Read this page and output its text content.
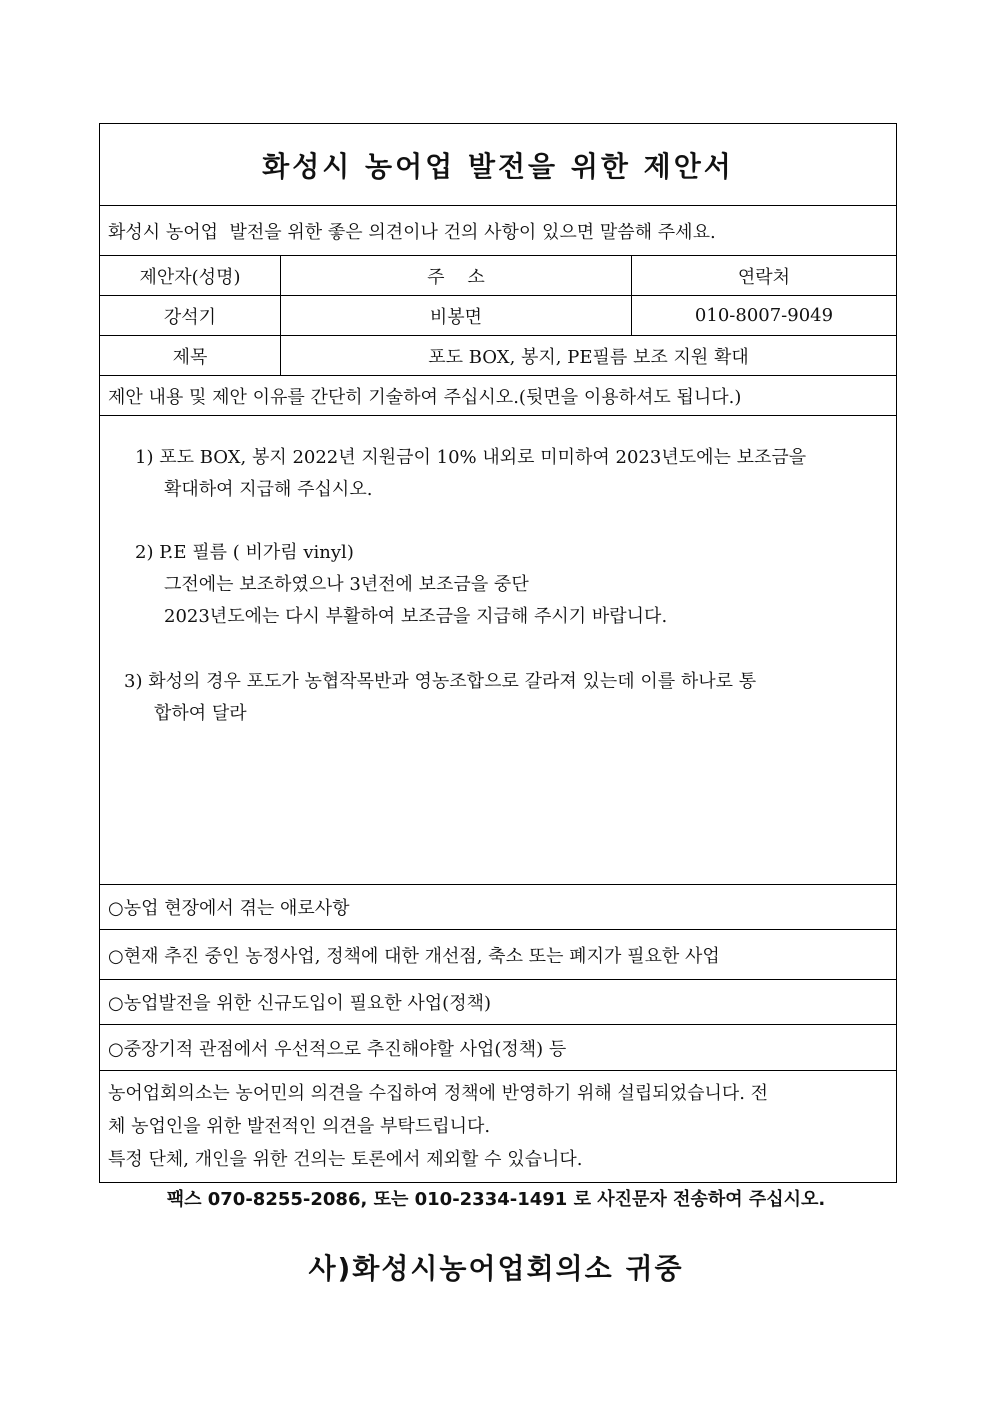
화성시 농어업 발전을 위한 제안서
화성시 농어업  발전을 위한 좋은 의견이나 건의 사항이 있으면 말씀해 주세요.
제안자(성명)	주    소	연락처
강석기	비봉면	010-8007-9049
제목	포도 BOX, 봉지, PE필름 보조 지원 확대
제안 내용 및 제안 이유를 간단히 기술하여 주십시오.(뒷면을 이용하셔도 됩니다.)
1) 포도 BOX, 봉지 2022년 지원금이 10% 내외로 미미하여 2023년도에는 보조금을
확대하여 지급해 주십시오.
2) P.E 필름 ( 비가림 vinyl)
그전에는 보조하였으나 3년전에 보조금을 중단
2023년도에는 다시 부활하여 보조금을 지급해 주시기 바랍니다.
3) 화성의 경우 포도가 농협작목반과 영농조합으로 갈라져 있는데 이를 하나로 통
합하여 달라
○농업 현장에서 겪는 애로사항
○현재 추진 중인 농정사업, 정책에 대한 개선점, 축소 또는 폐지가 필요한 사업
○농업발전을 위한 신규도입이 필요한 사업(정책)
○중장기적 관점에서 우선적으로 추진해야할 사업(정책) 등
농어업회의소는 농어민의 의견을 수집하여 정책에 반영하기 위해 설립되었습니다. 전
체 농업인을 위한 발전적인 의견을 부탁드립니다.
특정 단체, 개인을 위한 건의는 토론에서 제외할 수 있습니다.
팩스 070-8255-2086, 또는 010-2334-1491 로 사진문자 전송하여 주십시오.
사)화성시농어업회의소 귀중
